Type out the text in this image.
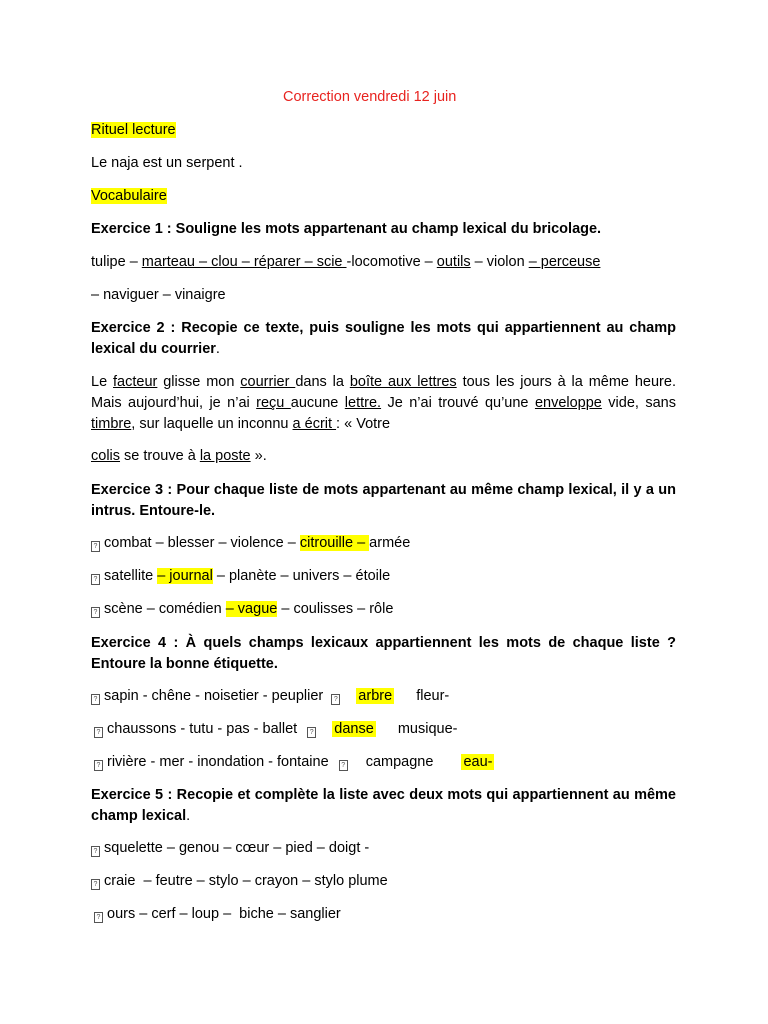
Correction vendredi 12 juin
Rituel lecture
Le naja est un serpent .
Vocabulaire
Exercice 1 : Souligne les mots appartenant au champ lexical du bricolage.
tulipe – marteau – clou – réparer – scie -locomotive – outils – violon – perceuse
– naviguer – vinaigre
Exercice 2 : Recopie ce texte, puis souligne les mots qui appartiennent au champ lexical du courrier.
Le facteur glisse mon courrier dans la boîte aux lettres tous les jours à la même heure. Mais aujourd’hui, je n’ai reçu aucune lettre. Je n’ai trouvé qu’une enveloppe vide, sans timbre, sur laquelle un inconnu a écrit : « Votre
colis se trouve à la poste ».
Exercice 3 : Pour chaque liste de mots appartenant au même champ lexical, il y a un intrus. Entoure-le.
? combat – blesser – violence – citrouille – armée
? satellite – journal – planète – univers – étoile
? scène – comédien – vague – coulisses – rôle
Exercice 4 : À quels champs lexicaux appartiennent les mots de chaque liste ? Entoure la bonne étiquette.
? sapin - chêne - noisetier - peuplier ? arbre fleur-
? chaussons - tutu - pas - ballet ? danse musique-
? rivière - mer - inondation - fontaine ? campagne eau-
Exercice 5 : Recopie et complète la liste avec deux mots qui appartiennent au même champ lexical.
? squelette – genou – cœur – pied – doigt -
? craie  – feutre – stylo – crayon – stylo plume
? ours – cerf – loup –  biche – sanglier
